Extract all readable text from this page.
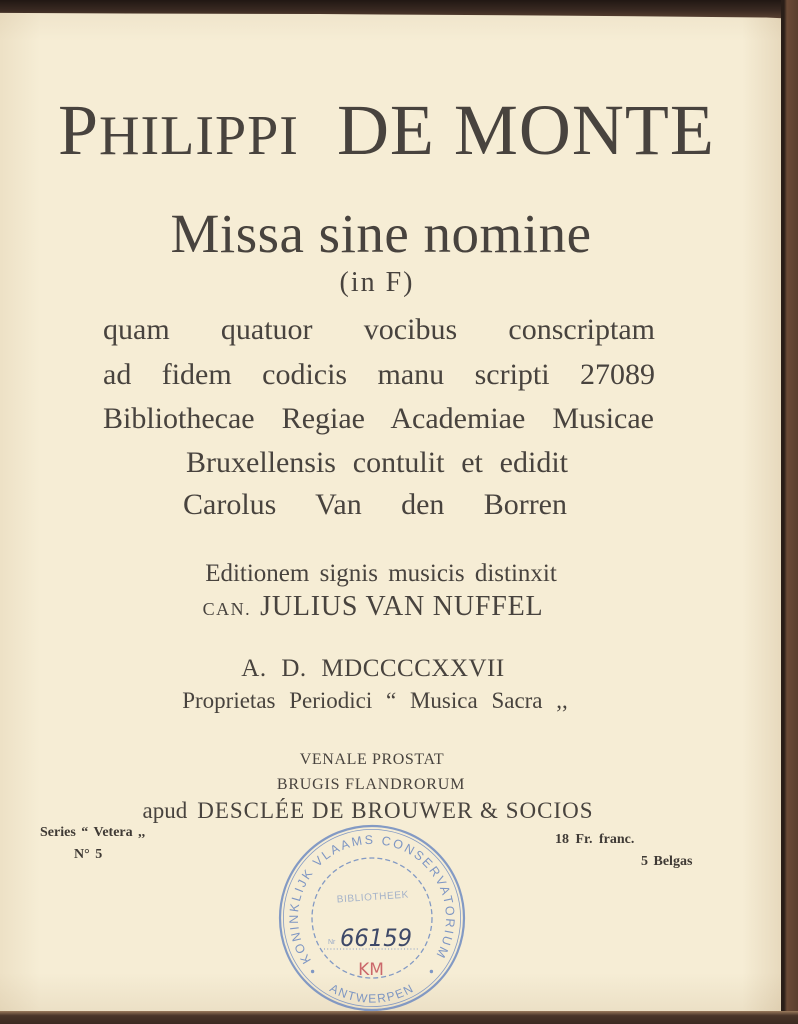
PHILIPPI DE MONTE
Missa sine nomine
(in F)
quam quatuor vocibus conscriptam
ad fidem codicis manu scripti 27089
Bibliothecae Regiae Academiae Musicae
Bruxellensis contulit et edidit
Carolus Van den Borren
Editionem signis musicis distinxit
CAN. JULIUS VAN NUFFEL
A. D. MDCCCCXXVII
Proprietas Periodici “ Musica Sacra ,,
VENALE PROSTAT
BRUGIS FLANDRORUM
apud DESCLÉE DE BROUWER & SOCIOS
Series “ Vetera ,,
N° 5
18 Fr. franc.
5 Belgas
KONINKLIJK VLAAMS CONSERVATORIUM
ANTWERPEN
BIBLIOTHEEK
Nr 66159
KM
